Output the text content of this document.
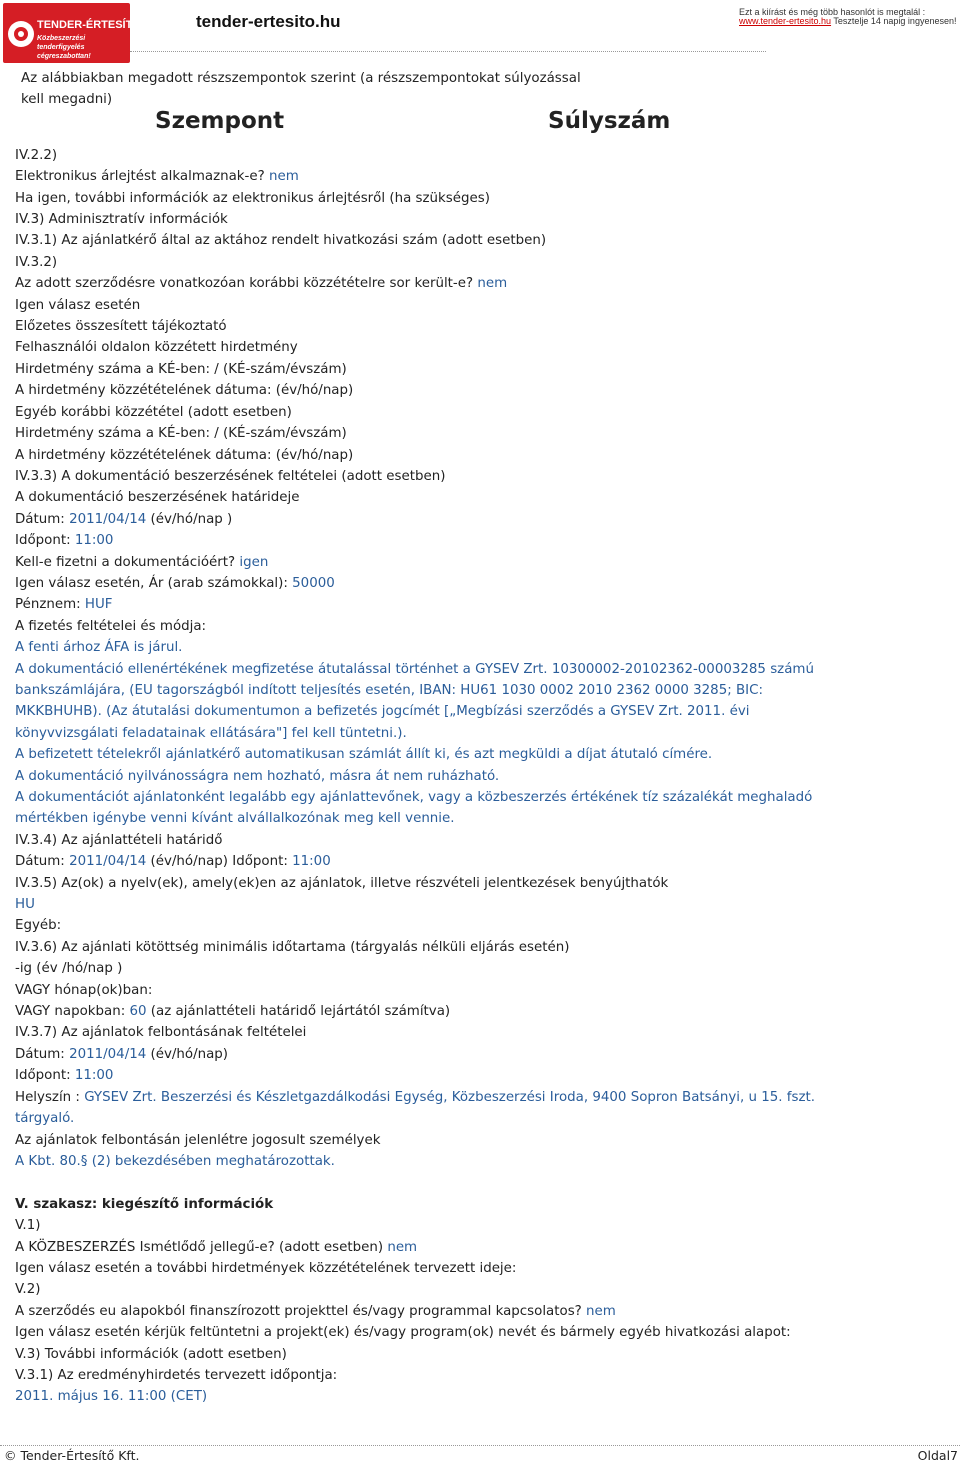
TENDER-ÉRTESÍTŐ.hu
Közbeszerzési tenderfigyelés cégreszabottan!
tender-ertesito.hu	Ezt a kiírást és még több hasonlót is megtalál :
www.tender-ertesito.hu Tesztelje 14 napig ingyenesen!
Az alábbiakban megadott részszempontok szerint (a részszempontokat súlyozással kell megadni)
Szempont	Súlyszám
IV.2.2)
Elektronikus árlejtést alkalmaznak-e? nem
Ha igen, további információk az elektronikus árlejtésről (ha szükséges)
IV.3) Adminisztratív információk
IV.3.1) Az ajánlatkérő által az aktához rendelt hivatkozási szám (adott esetben)
IV.3.2)
Az adott szerződésre vonatkozóan korábbi közzétételre sor került-e? nem
Igen válasz esetén
Előzetes összesített tájékoztató
Felhasználói oldalon közzétett hirdetmény
Hirdetmény száma a KÉ-ben: / (KÉ-szám/évszám)
A hirdetmény közzétételének dátuma: (év/hó/nap)
Egyéb korábbi közzététel (adott esetben)
Hirdetmény száma a KÉ-ben: / (KÉ-szám/évszám)
A hirdetmény közzétételének dátuma: (év/hó/nap)
IV.3.3) A dokumentáció beszerzésének feltételei (adott esetben)
A dokumentáció beszerzésének határideje
Dátum: 2011/04/14 (év/hó/nap )
Időpont: 11:00
Kell-e fizetni a dokumentációért? igen
Igen válasz esetén, Ár (arab számokkal): 50000
Pénznem: HUF
A fizetés feltételei és módja:
A fenti árhoz ÁFA is járul.
A dokumentáció ellenértékének megfizetése átutalással történhet a GYSEV Zrt. 10300002-20102362-00003285 számú
bankszámlájára, (EU tagországból indított teljesítés esetén, IBAN: HU61 1030 0002 2010 2362 0000 3285; BIC:
MKKBHUHB). (Az átutalási dokumentumon a befizetés jogcímét [„Megbízási szerződés a GYSEV Zrt. 2011. évi
könyvvizsgálati feladatainak ellátására"] fel kell tüntetni.).
A befizetett tételekről ajánlatkérő automatikusan számlát állít ki, és azt megküldi a díjat átutaló címére.
A dokumentáció nyilvánosságra nem hozható, másra át nem ruházható.
A dokumentációt ajánlatonként legalább egy ajánlattevőnek, vagy a közbeszerzés értékének tíz százalékát meghaladó
mértékben igénybe venni kívánt alvállalkozónak meg kell vennie.
IV.3.4) Az ajánlattételi határidő
Dátum: 2011/04/14 (év/hó/nap) Időpont: 11:00
IV.3.5) Az(ok) a nyelv(ek), amely(ek)en az ajánlatok, illetve részvételi jelentkezések benyújthatók
HU
Egyéb:
IV.3.6) Az ajánlati kötöttség minimális időtartama (tárgyalás nélküli eljárás esetén)
-ig (év /hó/nap )
VAGY hónap(ok)ban:
VAGY napokban: 60 (az ajánlattételi határidő lejártától számítva)
IV.3.7) Az ajánlatok felbontásának feltételei
Dátum: 2011/04/14 (év/hó/nap)
Időpont: 11:00
Helyszín : GYSEV Zrt. Beszerzési és Készletgazdálkodási Egység, Közbeszerzési Iroda, 9400 Sopron Batsányi, u 15. fszt.
tárgyaló.
Az ajánlatok felbontásán jelenlétre jogosult személyek
A Kbt. 80.§ (2) bekezdésében meghatározottak.
V. szakasz: kiegészítő információk
V.1)
A KÖZBESZERZÉS Ismétlődő jellegű-e? (adott esetben) nem
Igen válasz esetén a további hirdetmények közzétételének tervezett ideje:
V.2)
A szerződés eu alapokból finanszírozott projekttel és/vagy programmal kapcsolatos? nem
Igen válasz esetén kérjük feltüntetni a projekt(ek) és/vagy program(ok) nevét és bármely egyéb hivatkozási alapot:
V.3) További információk (adott esetben)
V.3.1) Az eredményhirdetés tervezett időpontja:
2011. május 16. 11:00 (CET)
© Tender-Értesítő Kft.	Oldal7
